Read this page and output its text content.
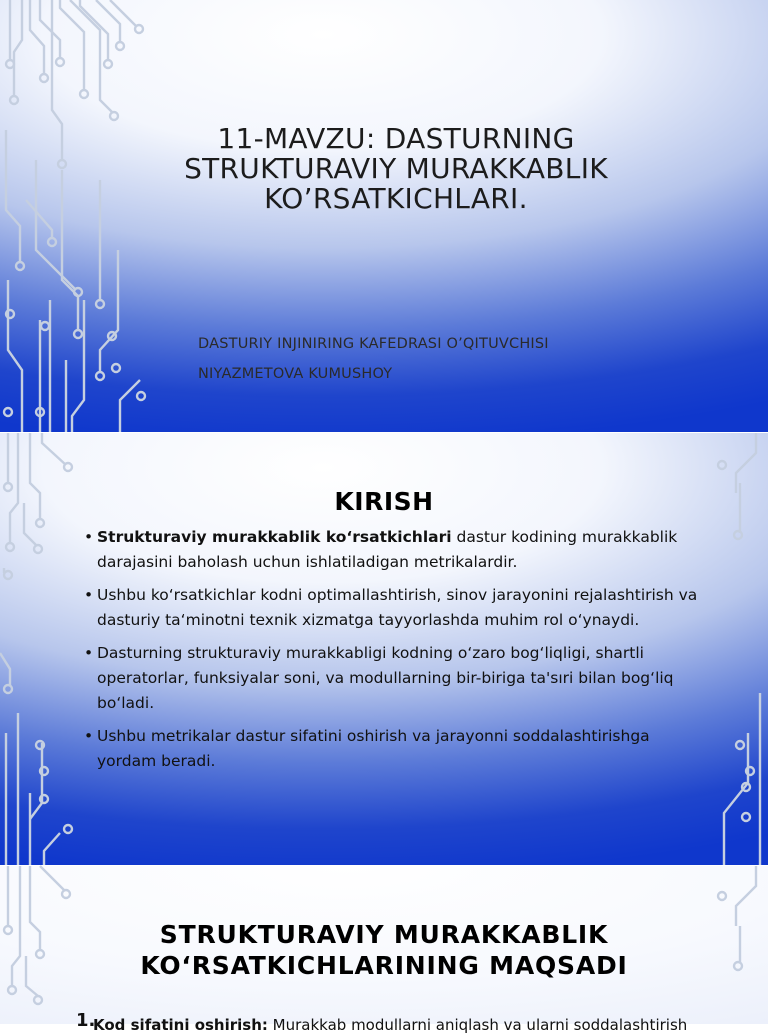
11-MAVZU: DASTURNING
STRUKTURAVIY MURAKKABLIK
KO’RSATKICHLARI.
DASTURIY INJINIRING KAFEDRASI O’QITUVCHISI
NIYAZMETOVA KUMUSHOY
KIRISH
• Strukturaviy murakkablik ko‘rsatkichlari dastur kodining murakkablik darajasini baholash uchun ishlatiladigan metrikalardir.
• Ushbu ko‘rsatkichlar kodni optimallashtirish, sinov jarayonini rejalashtirish va dasturiy ta‘minotni texnik xizmatga tayyorlashda muhim rol o‘ynaydi.
• Dasturning strukturaviy murakkabligi kodning o‘zaro bog‘liqligi, shartli operatorlar, funksiyalar soni, va modullarning bir-biriga ta'sıri bilan bog‘liq bo‘ladi.
• Ushbu metrikalar dastur sifatini oshirish va jarayonni soddalashtirishga yordam beradi.
STRUKTURAVIY MURAKKABLIK
KO‘RSATKICHLARINING MAQSADI
1.
Kod sifatini oshirish: Murakkab modullarni aniqlash va ularni soddalashtirish
